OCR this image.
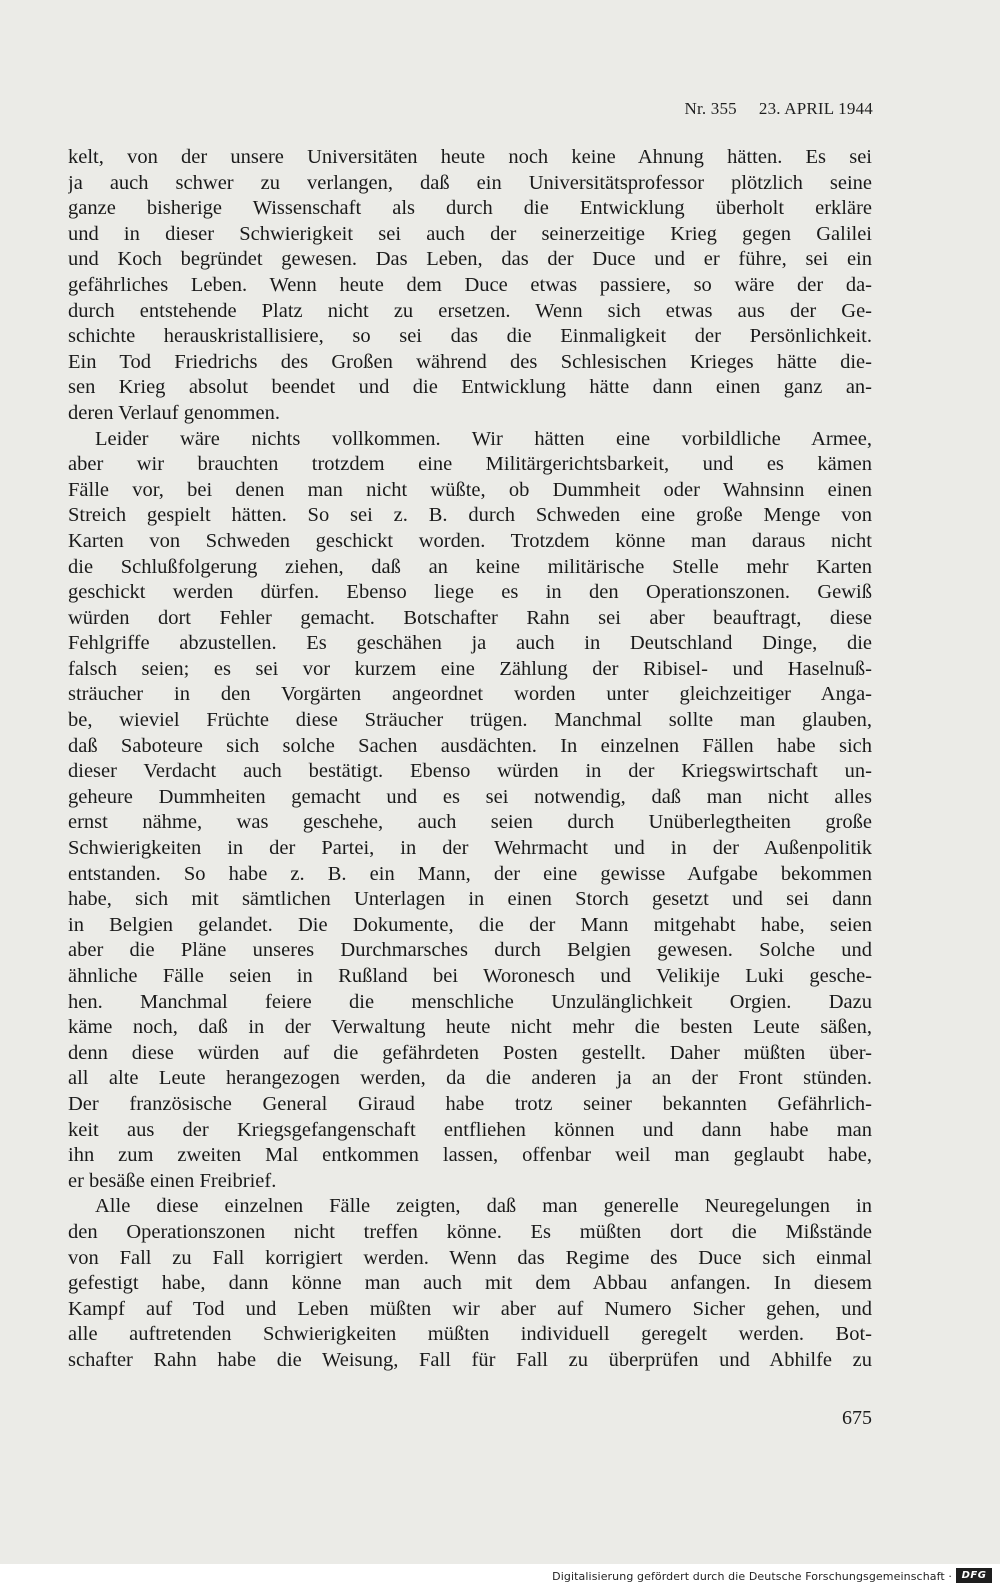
Nr. 355 23. APRIL 1944

kelt, von der unsere Universitäten heute noch keine Ahnung hätten. Es sei
ja auch schwer zu verlangen, daß ein Universitätsprofessor plötzlich seine
ganze bisherige Wissenschaft als durch die Entwicklung überholt erkläre
und in dieser Schwierigkeit sei auch der seinerzeitige Krieg gegen Galilei
und Koch begründet gewesen. Das Leben, das der Duce und er führe, sei ein
gefährliches Leben. Wenn heute dem Duce etwas passiere, so wäre der da-
durch entstehende Platz nicht zu ersetzen. Wenn sich etwas aus der Ge-
schichte herauskristallisiere, so sei das die Einmaligkeit der Persönlichkeit.
Ein Tod Friedrichs des Großen während des Schlesischen Krieges hätte die-
sen Krieg absolut beendet und die Entwicklung hätte dann einen ganz an-
deren Verlauf genommen.

Leider wäre nichts vollkommen. Wir hätten eine vorbildliche Armee,
aber wir brauchten trotzdem eine Militärgerichtsbarkeit, und es kämen
Fälle vor, bei denen man nicht wüßte, ob Dummheit oder Wahnsinn einen
Streich gespielt hätten. So sei z. B. durch Schweden eine große Menge von
Karten von Schweden geschickt worden. Trotzdem könne man daraus nicht
die Schlußfolgerung ziehen, daß an keine militärische Stelle mehr Karten
geschickt werden dürfen. Ebenso liege es in den Operationszonen. Gewiß
würden dort Fehler gemacht. Botschafter Rahn sei aber beauftragt, diese
Fehlgriffe abzustellen. Es geschähen ja auch in Deutschland Dinge, die
falsch seien; es sei vor kurzem eine Zählung der Ribisel- und Haselnuß-
sträucher in den Vorgärten angeordnet worden unter gleichzeitiger Anga-
be, wieviel Früchte diese Sträucher trügen. Manchmal sollte man glauben,
daß Saboteure sich solche Sachen ausdächten. In einzelnen Fällen habe sich
dieser Verdacht auch bestätigt. Ebenso würden in der Kriegswirtschaft un-
geheure Dummheiten gemacht und es sei notwendig, daß man nicht alles
ernst nähme, was geschehe, auch seien durch Unüberlegtheiten große
Schwierigkeiten in der Partei, in der Wehrmacht und in der Außenpolitik
entstanden. So habe z. B. ein Mann, der eine gewisse Aufgabe bekommen
habe, sich mit sämtlichen Unterlagen in einen Storch gesetzt und sei dann
in Belgien gelandet. Die Dokumente, die der Mann mitgehabt habe, seien
aber die Pläne unseres Durchmarsches durch Belgien gewesen. Solche und
ähnliche Fälle seien in Rußland bei Woronesch und Velikije Luki gesche-
hen. Manchmal feiere die menschliche Unzulänglichkeit Orgien. Dazu
käme noch, daß in der Verwaltung heute nicht mehr die besten Leute säßen,
denn diese würden auf die gefährdeten Posten gestellt. Daher müßten über-
all alte Leute herangezogen werden, da die anderen ja an der Front stünden.
Der französische General Giraud habe trotz seiner bekannten Gefährlich-
keit aus der Kriegsgefangenschaft entfliehen können und dann habe man
ihn zum zweiten Mal entkommen lassen, offenbar weil man geglaubt habe,
er besäße einen Freibrief.

Alle diese einzelnen Fälle zeigten, daß man generelle Neuregelungen in
den Operationszonen nicht treffen könne. Es müßten dort die Mißstände
von Fall zu Fall korrigiert werden. Wenn das Regime des Duce sich einmal
gefestigt habe, dann könne man auch mit dem Abbau anfangen. In diesem
Kampf auf Tod und Leben müßten wir aber auf Numero Sicher gehen, und
alle auftretenden Schwierigkeiten müßten individuell geregelt werden. Bot-
schafter Rahn habe die Weisung, Fall für Fall zu überprüfen und Abhilfe zu

675
Digitalisierung gefördert durch die Deutsche Forschungsgemeinschaft · DFG
